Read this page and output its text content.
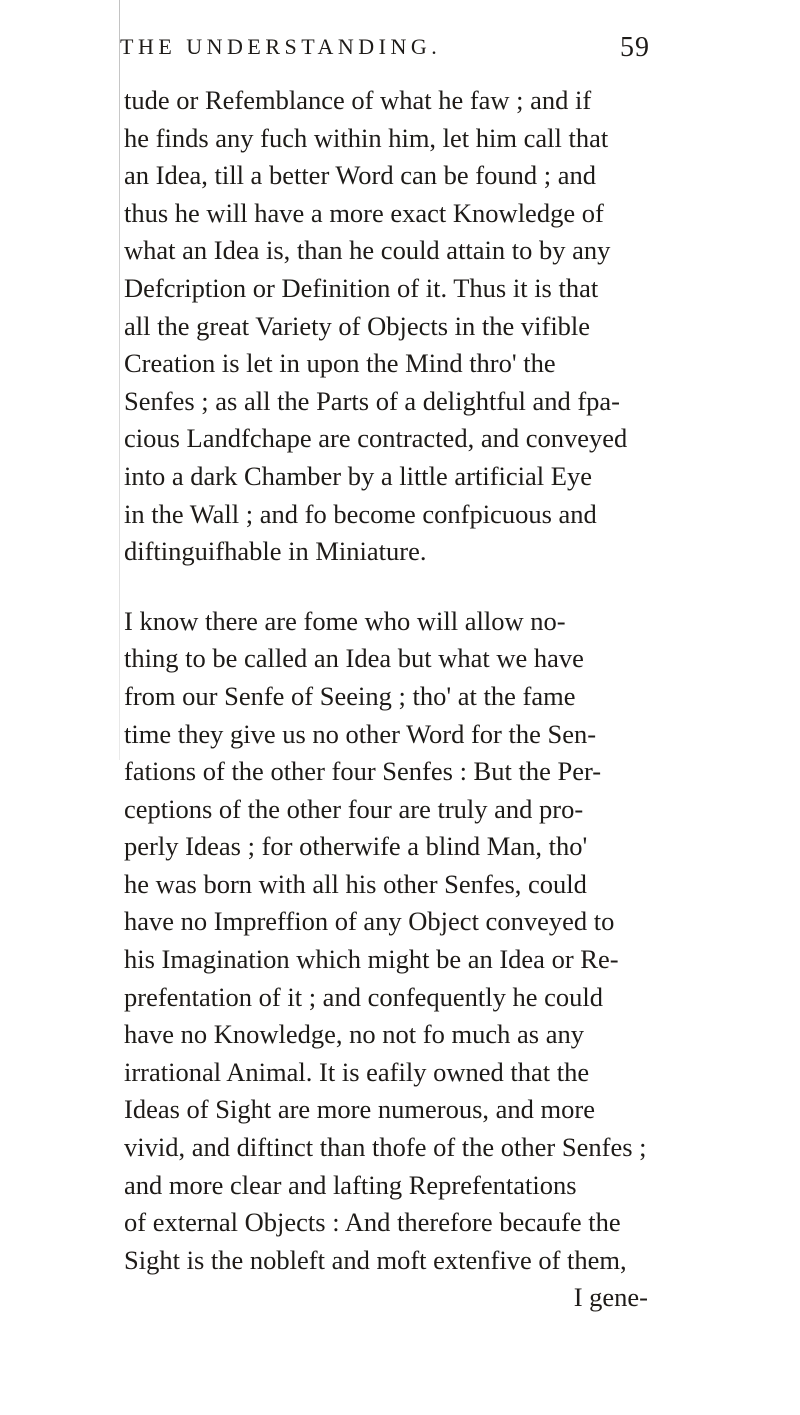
THE UNDERSTANDING.	59
tude or Refemblance of what he faw ; and if
he finds any fuch within him, let him call that
an Idea, till a better Word can be found ; and
thus he will have a more exact Knowledge of
what an Idea is, than he could attain to by any
Defcription or Definition of it. Thus it is that
all the great Variety of Objects in the vifible
Creation is let in upon the Mind thro' the
Senfes ; as all the Parts of a delightful and fpa-
cious Landfchape are contracted, and conveyed
into a dark Chamber by a little artificial Eye
in the Wall ; and fo become confpicuous and
diftinguifhable in Miniature.
I know there are fome who will allow no-
thing to be called an Idea but what we have
from our Senfe of Seeing ; tho' at the fame
time they give us no other Word for the Sen-
fations of the other four Senfes : But the Per-
ceptions of the other four are truly and pro-
perly Ideas ; for otherwife a blind Man, tho'
he was born with all his other Senfes, could
have no Impreffion of any Object conveyed to
his Imagination which might be an Idea or Re-
prefentation of it ; and confequently he could
have no Knowledge, no not fo much as any
irrational Animal. It is eafily owned that the
Ideas of Sight are more numerous, and more
vivid, and diftinct than thofe of the other Senfes ;
and more clear and lafting Reprefentations
of external Objects : And therefore becaufe the
Sight is the nobleft and moft extenfive of them,
I gene-
